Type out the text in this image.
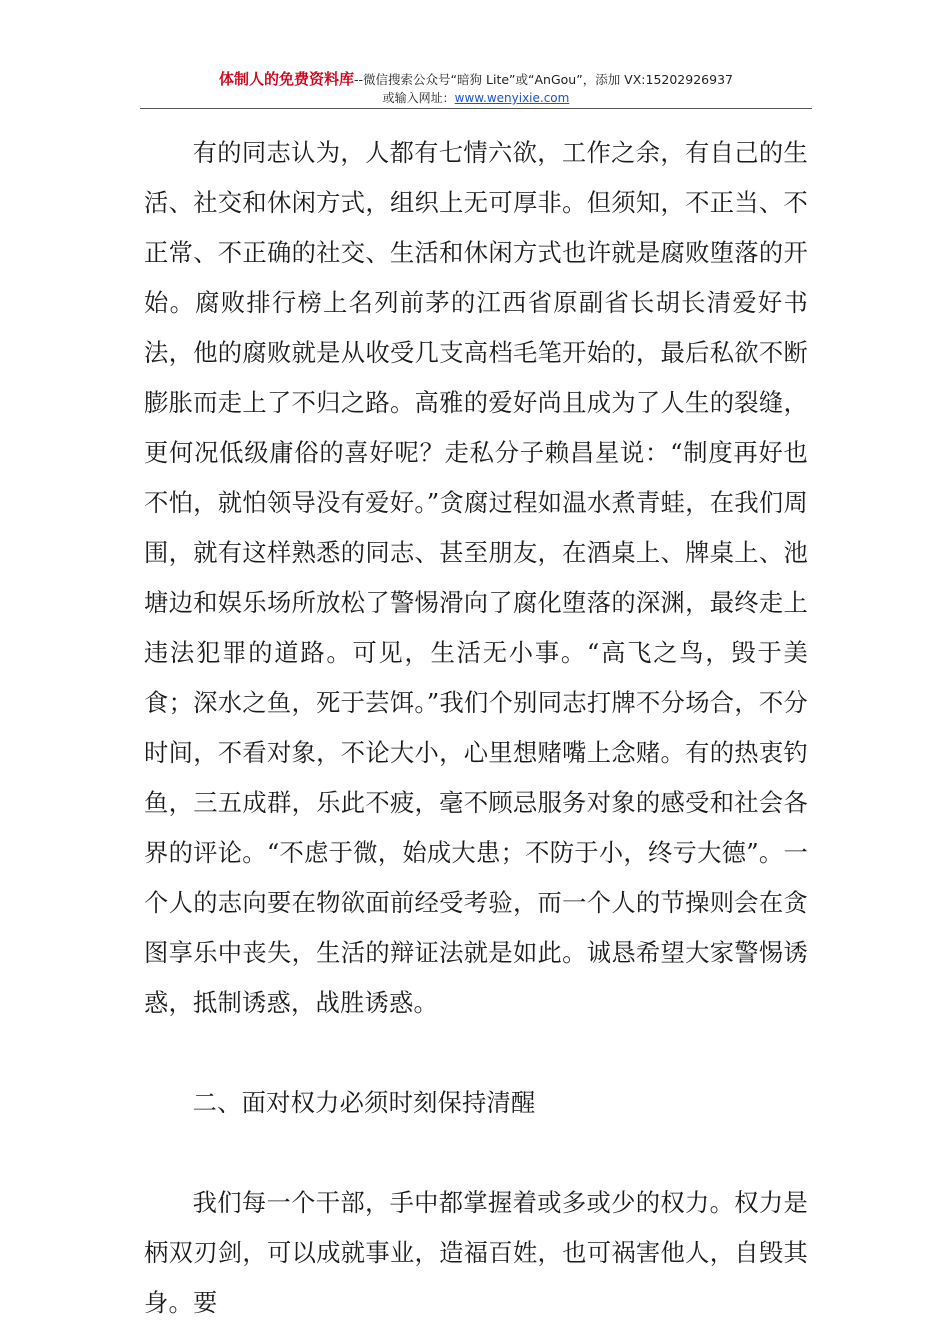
体制人的免费资料库--微信搜索公众号“暗狗 Lite”或“AnGou”，添加 VX:15202926937
或输入网址：www.wenyixie.com

有的同志认为，人都有七情六欲，工作之余，有自己的生活、社交和休闲方式，组织上无可厚非。但须知，不正当、不正常、不正确的社交、生活和休闲方式也许就是腐败堕落的开始。腐败排行榜上名列前茅的江西省原副省长胡长清爱好书法，他的腐败就是从收受几支高档毛笔开始的，最后私欲不断膨胀而走上了不归之路。高雅的爱好尚且成为了人生的裂缝，更何况低级庸俗的喜好呢？走私分子赖昌星说：“制度再好也不怕，就怕领导没有爱好。”贪腐过程如温水煮青蛙，在我们周围，就有这样熟悉的同志、甚至朋友，在酒桌上、牌桌上、池塘边和娱乐场所放松了警惕滑向了腐化堕落的深渊，最终走上违法犯罪的道路。可见，生活无小事。“高飞之鸟，毁于美食；深水之鱼，死于芸饵。”我们个别同志打牌不分场合，不分时间，不看对象，不论大小，心里想赌嘴上念赌。有的热衷钓鱼，三五成群，乐此不疲，毫不顾忌服务对象的感受和社会各界的评论。“不虑于微，始成大患；不防于小，终亏大德”。一个人的志向要在物欲面前经受考验，而一个人的节操则会在贪图享乐中丧失，生活的辩证法就是如此。诚恳希望大家警惕诱惑，抵制诱惑，战胜诱惑。

二、面对权力必须时刻保持清醒

我们每一个干部，手中都掌握着或多或少的权力。权力是柄双刃剑，可以成就事业，造福百姓，也可祸害他人，自毁其身。要
